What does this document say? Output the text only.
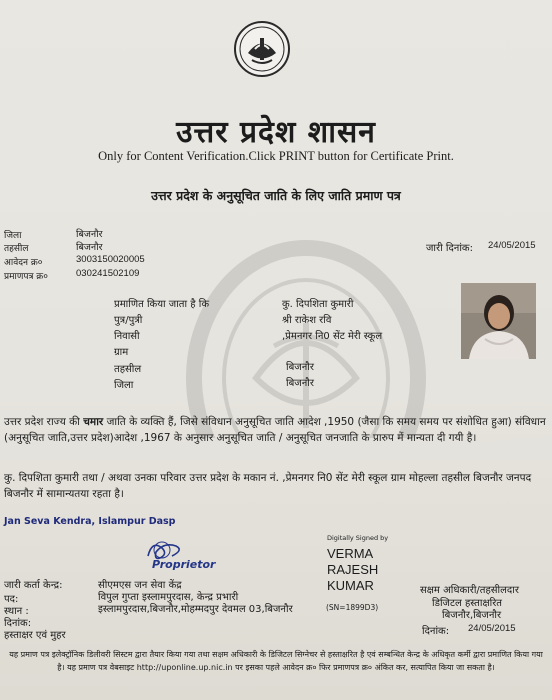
उत्तर प्रदेश शासन
Only for Content Verification.Click PRINT button for Certificate Print.
उत्तर प्रदेश के अनुसूचित जाति के लिए जाति प्रमाण पत्र
जिला	बिजनौर
तहसील	बिजनौर
आवेदन क्र०	3003150020005
प्रमाणपत्र क्र०	030241502109
जारी दिनांक: 24/05/2015
प्रमाणित किया जाता है कि	कु. दिपशिता कुमारी
पुत्र/पुत्री	श्री राकेश रवि
निवासी	,प्रेमनगर नि0 सेंट मेरी स्कूल
ग्राम
तहसील	बिजनौर
जिला	बिजनौर
उत्तर प्रदेश राज्य की चमार जाति के व्यक्ति हैं, जिसे संविधान अनुसूचित जाति आदेश ,1950 (जैसा कि समय समय पर संशोधित हुआ) संविधान (अनुसूचित जाति,उत्तर प्रदेश)आदेश ,1967 के अनुसार अनुसूचित जाति / अनुसूचित जनजाति के प्रारुप में मान्यता दी गयी है।
कु. दिपशिता कुमारी तथा / अथवा उनका परिवार उत्तर प्रदेश के मकान नं. ,प्रेमनगर नि0 सेंट मेरी स्कूल ग्राम मोहल्ला तहसील बिजनौर जनपद बिजनौर में सामान्यतया रहता है।
Jan Seva Kendra, Islampur Dasp
Proprietor
Digitally Signed by
VERMA
RAJESH
KUMAR
जारी कर्ता केन्द्र:	सीएमएस जन सेवा केंद्र
पद:	विपुल गुप्ता इस्लामपुरदास, केन्द्र प्रभारी
स्थान :	इस्लामपुरदास,बिजनौर,मोहम्मदपुर देवमल 03,बिजनौर	(SN=1899D3)
दिनांक:
हस्ताक्षर एवं मुहर
सक्षम अधिकारी/तहसीलदार
डिजिटल हस्ताक्षरित
बिजनौर,बिजनौर
दिनांक: 24/05/2015
यह प्रमाण पत्र इलेक्ट्रॉनिक डिलीवरी सिस्टम द्वारा तैयार किया गया तथा सक्षम अधिकारी के डिजिटल सिग्नेचर से हस्ताक्षरित है एवं सम्बन्धित केन्द्र के अधिकृत कर्मी द्वारा प्रमाणित किया गया है। यह प्रमाण पत्र वेबसाइट http://uponline.up.nic.in पर इसका पहले आवेदन क्र० फिर प्रमाणपत्र क्र० अंकित कर, सत्यापित किया जा सकता है।
